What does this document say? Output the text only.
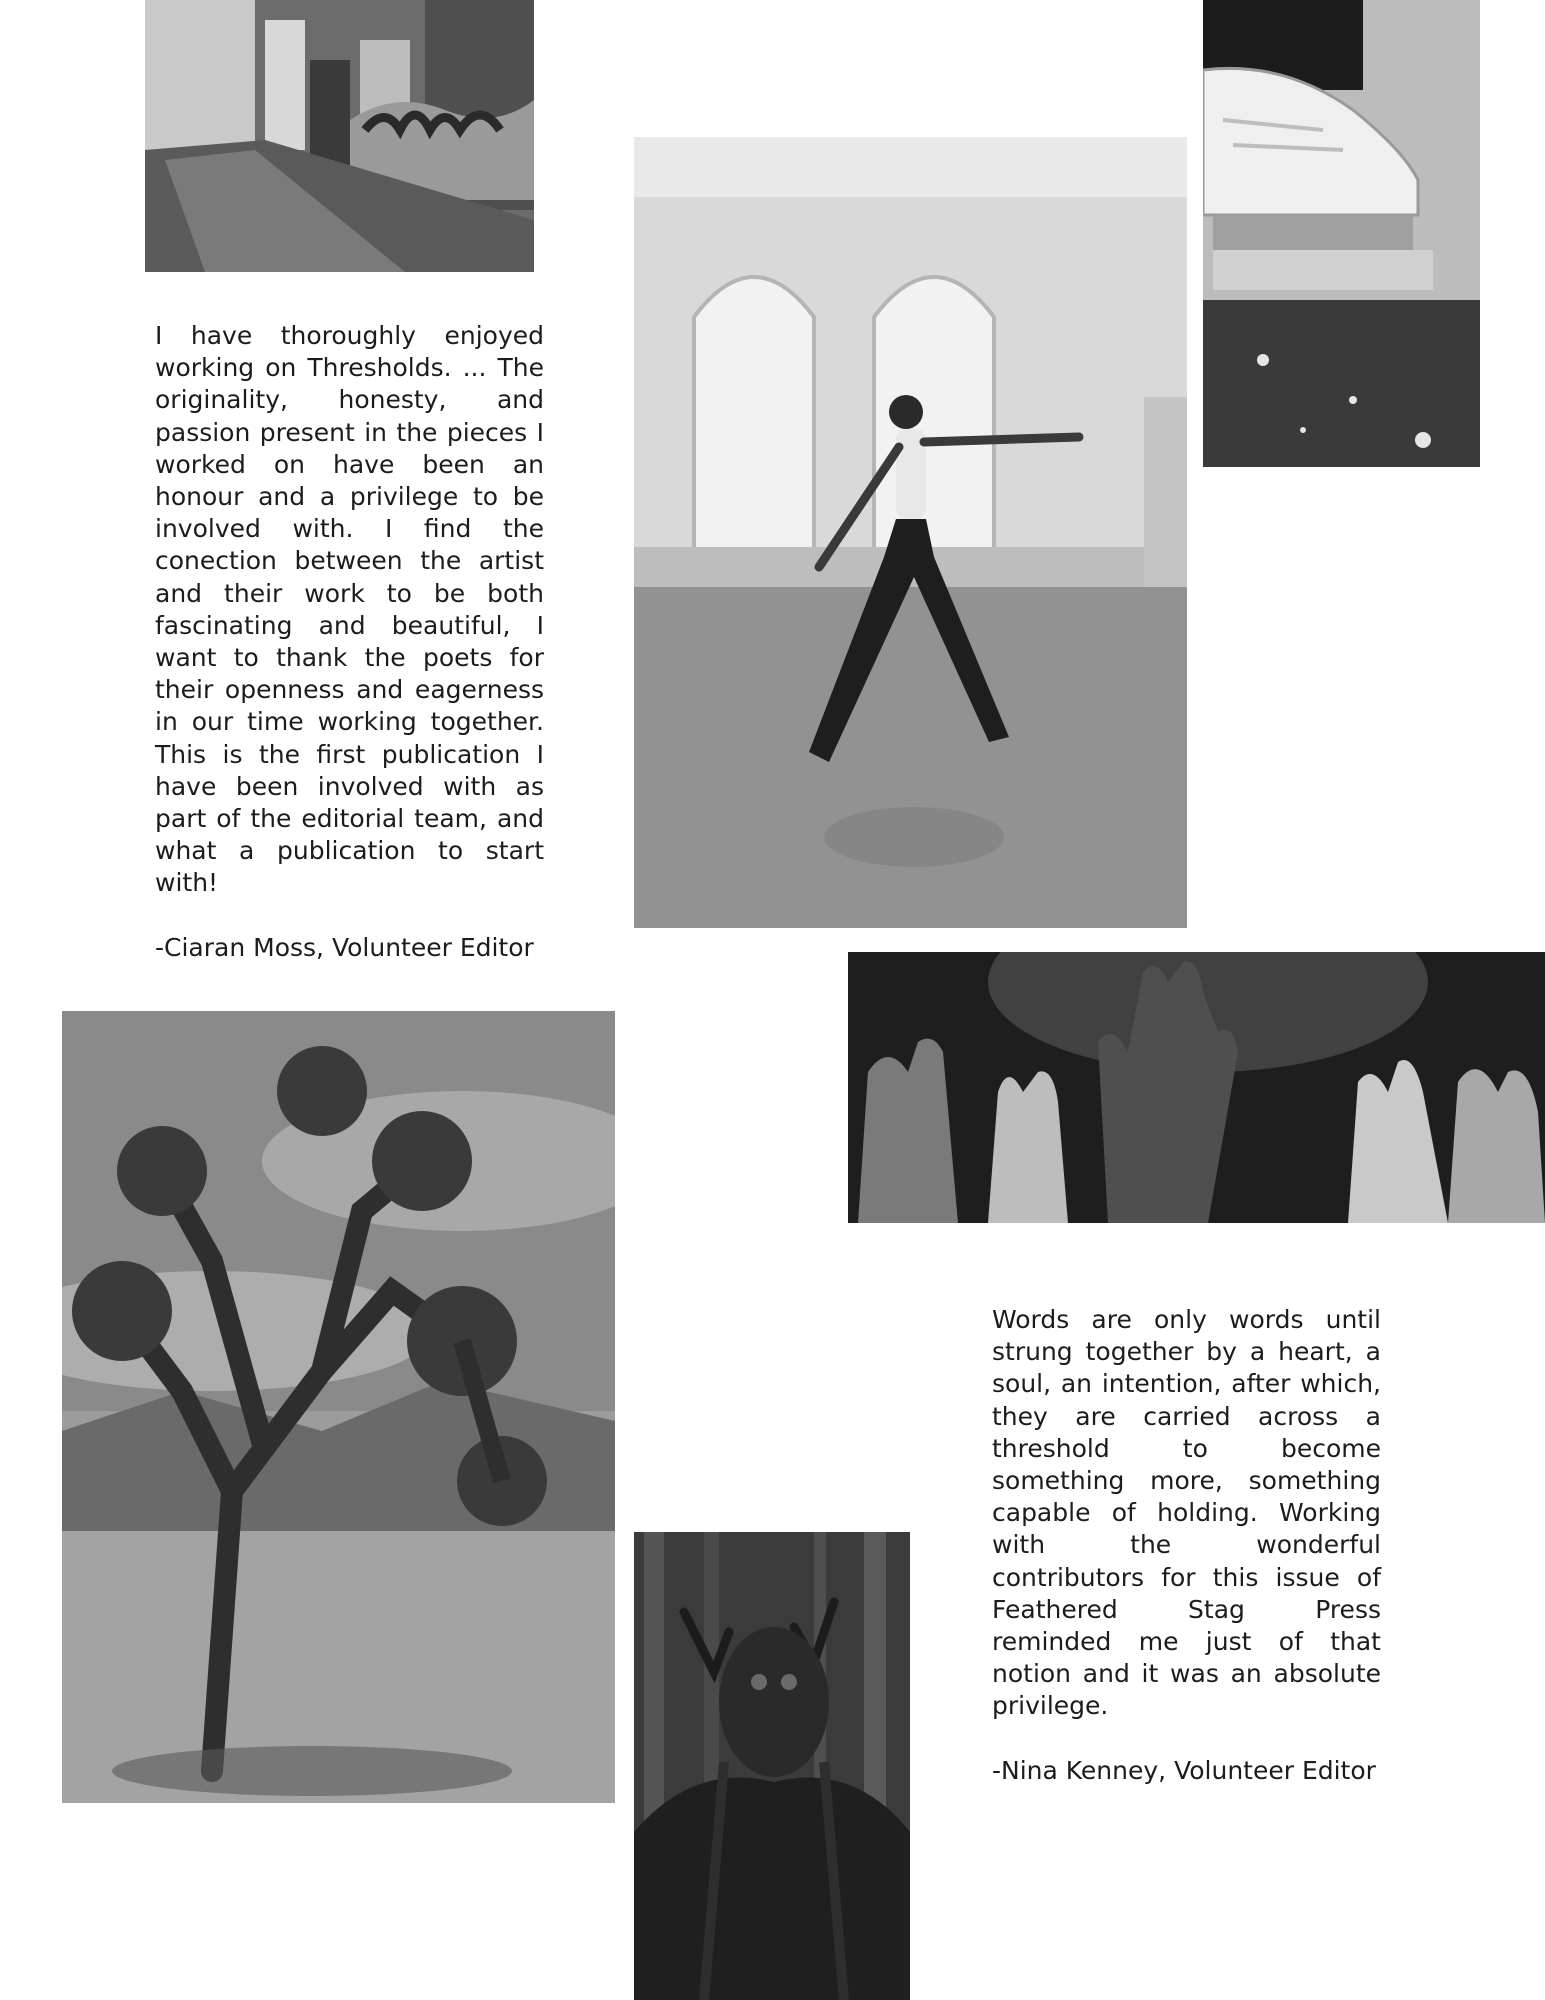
I have thoroughly enjoyed working on Thresholds. ... The originality, honesty, and passion present in the pieces I worked on have been an honour and a privilege to be involved with. I find the conection between the artist and their work to be both fascinating and beautiful, I want to thank the poets for their openness and eagerness in our time working together. This is the first publication I have been involved with as part of the editorial team, and what a publication to start with!

-Ciaran Moss, Volunteer Editor

Words are only words until strung together by a heart, a soul, an intention, after which, they are carried across a threshold to become something more, something capable of holding. Working with the wonderful contributors for this issue of Feathered Stag Press reminded me just of that notion and it was an absolute privilege.

-Nina Kenney, Volunteer Editor
